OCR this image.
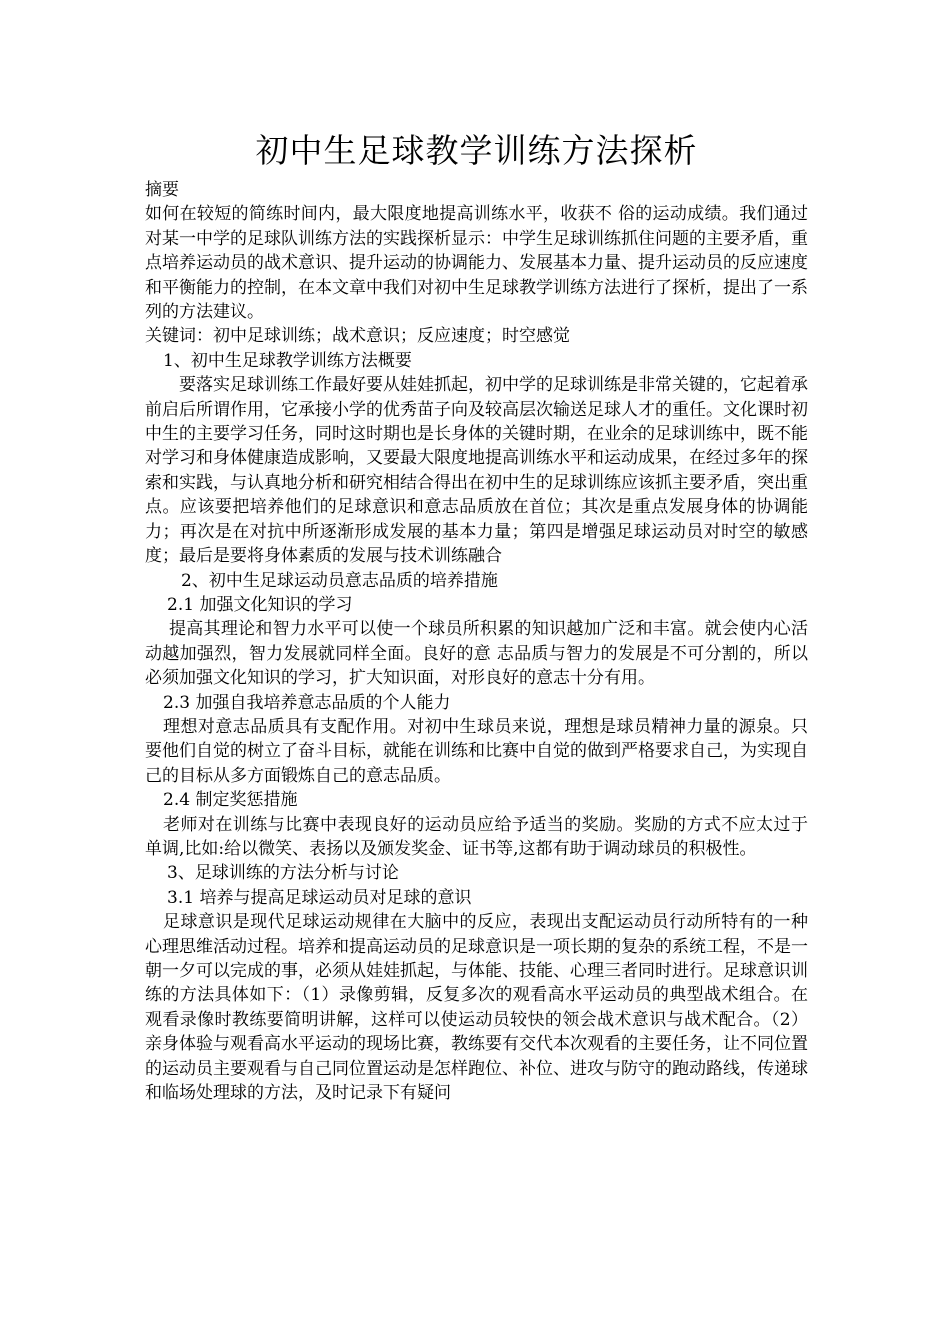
初中生足球教学训练方法探析

摘要

如何在较短的简练时间内，最大限度地提高训练水平，收获不 俗的运动成绩。我们通过对某一中学的足球队训练方法的实践探析显示：中学生足球训练抓住问题的主要矛盾，重点培养运动员的战术意识、提升运动的协调能力、发展基本力量、提升运动员的反应速度和平衡能力的控制，在本文章中我们对初中生足球教学训练方法进行了探析，提出了一系列的方法建议。

关键词：初中足球训练；战术意识；反应速度；时空感觉

1、初中生足球教学训练方法概要

要落实足球训练工作最好要从娃娃抓起，初中学的足球训练是非常关键的，它起着承前启后所谓作用，它承接小学的优秀苗子向及较高层次输送足球人才的重任。文化课时初中生的主要学习任务，同时这时期也是长身体的关键时期，在业余的足球训练中，既不能对学习和身体健康造成影响，又要最大限度地提高训练水平和运动成果，在经过多年的探索和实践，与认真地分析和研究相结合得出在初中生的足球训练应该抓主要矛盾，突出重点。应该要把培养他们的足球意识和意志品质放在首位；其次是重点发展身体的协调能力；再次是在对抗中所逐渐形成发展的基本力量；第四是增强足球运动员对时空的敏感度；最后是要将身体素质的发展与技术训练融合

2、初中生足球运动员意志品质的培养措施

2.1 加强文化知识的学习

提高其理论和智力水平可以使一个球员所积累的知识越加广泛和丰富。就会使内心活动越加强烈，智力发展就同样全面。良好的意 志品质与智力的发展是不可分割的，所以必须加强文化知识的学习，扩大知识面，对形良好的意志十分有用。

2.3 加强自我培养意志品质的个人能力

理想对意志品质具有支配作用。对初中生球员来说，理想是球员精神力量的源泉。只要他们自觉的树立了奋斗目标，就能在训练和比赛中自觉的做到严格要求自己，为实现自己的目标从多方面锻炼自己的意志品质。

2.4 制定奖惩措施

老师对在训练与比赛中表现良好的运动员应给予适当的奖励。奖励的方式不应太过于单调,比如:给以微笑、表扬以及颁发奖金、证书等,这都有助于调动球员的积极性。

3、足球训练的方法分析与讨论

3.1 培养与提高足球运动员对足球的意识

足球意识是现代足球运动规律在大脑中的反应，表现出支配运动员行动所特有的一种心理思维活动过程。培养和提高运动员的足球意识是一项长期的复杂的系统工程，不是一朝一夕可以完成的事，必须从娃娃抓起，与体能、技能、心理三者同时进行。足球意识训练的方法具体如下：（1）录像剪辑，反复多次的观看高水平运动员的典型战术组合。在观看录像时教练要简明讲解，这样可以使运动员较快的领会战术意识与战术配合。（2）亲身体验与观看高水平运动的现场比赛，教练要有交代本次观看的主要任务，让不同位置的运动员主要观看与自己同位置运动是怎样跑位、补位、进攻与防守的跑动路线，传递球和临场处理球的方法，及时记录下有疑问
